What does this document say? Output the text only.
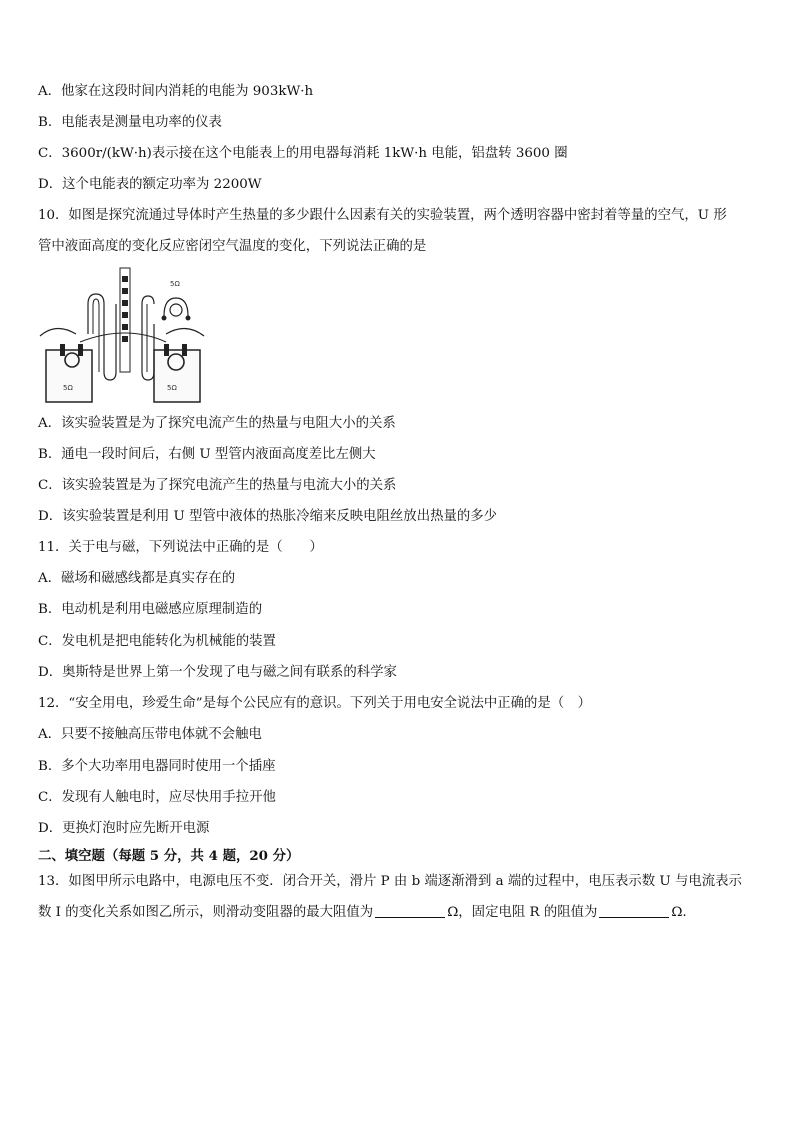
A．他家在这段时间内消耗的电能为 903kW·h
B．电能表是测量电功率的仪表
C．3600r/(kW·h)表示接在这个电能表上的用电器每消耗 1kW·h 电能，铝盘转 3600 圈
D．这个电能表的额定功率为 2200W
10．如图是探究流通过导体时产生热量的多少跟什么因素有关的实验装置，两个透明容器中密封着等量的空气，U 形
管中液面高度的变化反应密闭空气温度的变化，下列说法正确的是
5Ω	5Ω
5Ω
A．该实验装置是为了探究电流产生的热量与电阻大小的关系
B．通电一段时间后，右侧 U 型管内液面高度差比左侧大
C．该实验装置是为了探究电流产生的热量与电流大小的关系
D．该实验装置是利用 U 型管中液体的热胀冷缩来反映电阻丝放出热量的多少
11．关于电与磁，下列说法中正确的是（　　）
A．磁场和磁感线都是真实存在的
B．电动机是利用电磁感应原理制造的
C．发电机是把电能转化为机械能的装置
D．奥斯特是世界上第一个发现了电与磁之间有联系的科学家
12．“安全用电，珍爱生命”是每个公民应有的意识。下列关于用电安全说法中正确的是（　）
A．只要不接触高压带电体就不会触电
B．多个大功率用电器同时使用一个插座
C．发现有人触电时，应尽快用手拉开他
D．更换灯泡时应先断开电源
二、填空题（每题 5 分，共 4 题，20 分）
13．如图甲所示电路中，电源电压不变．闭合开关，滑片 P 由 b 端逐渐滑到 a 端的过程中，电压表示数 U 与电流表示
数 I 的变化关系如图乙所示，则滑动变阻器的最大阻值为	Ω，固定电阻 R 的阻值为	Ω．
